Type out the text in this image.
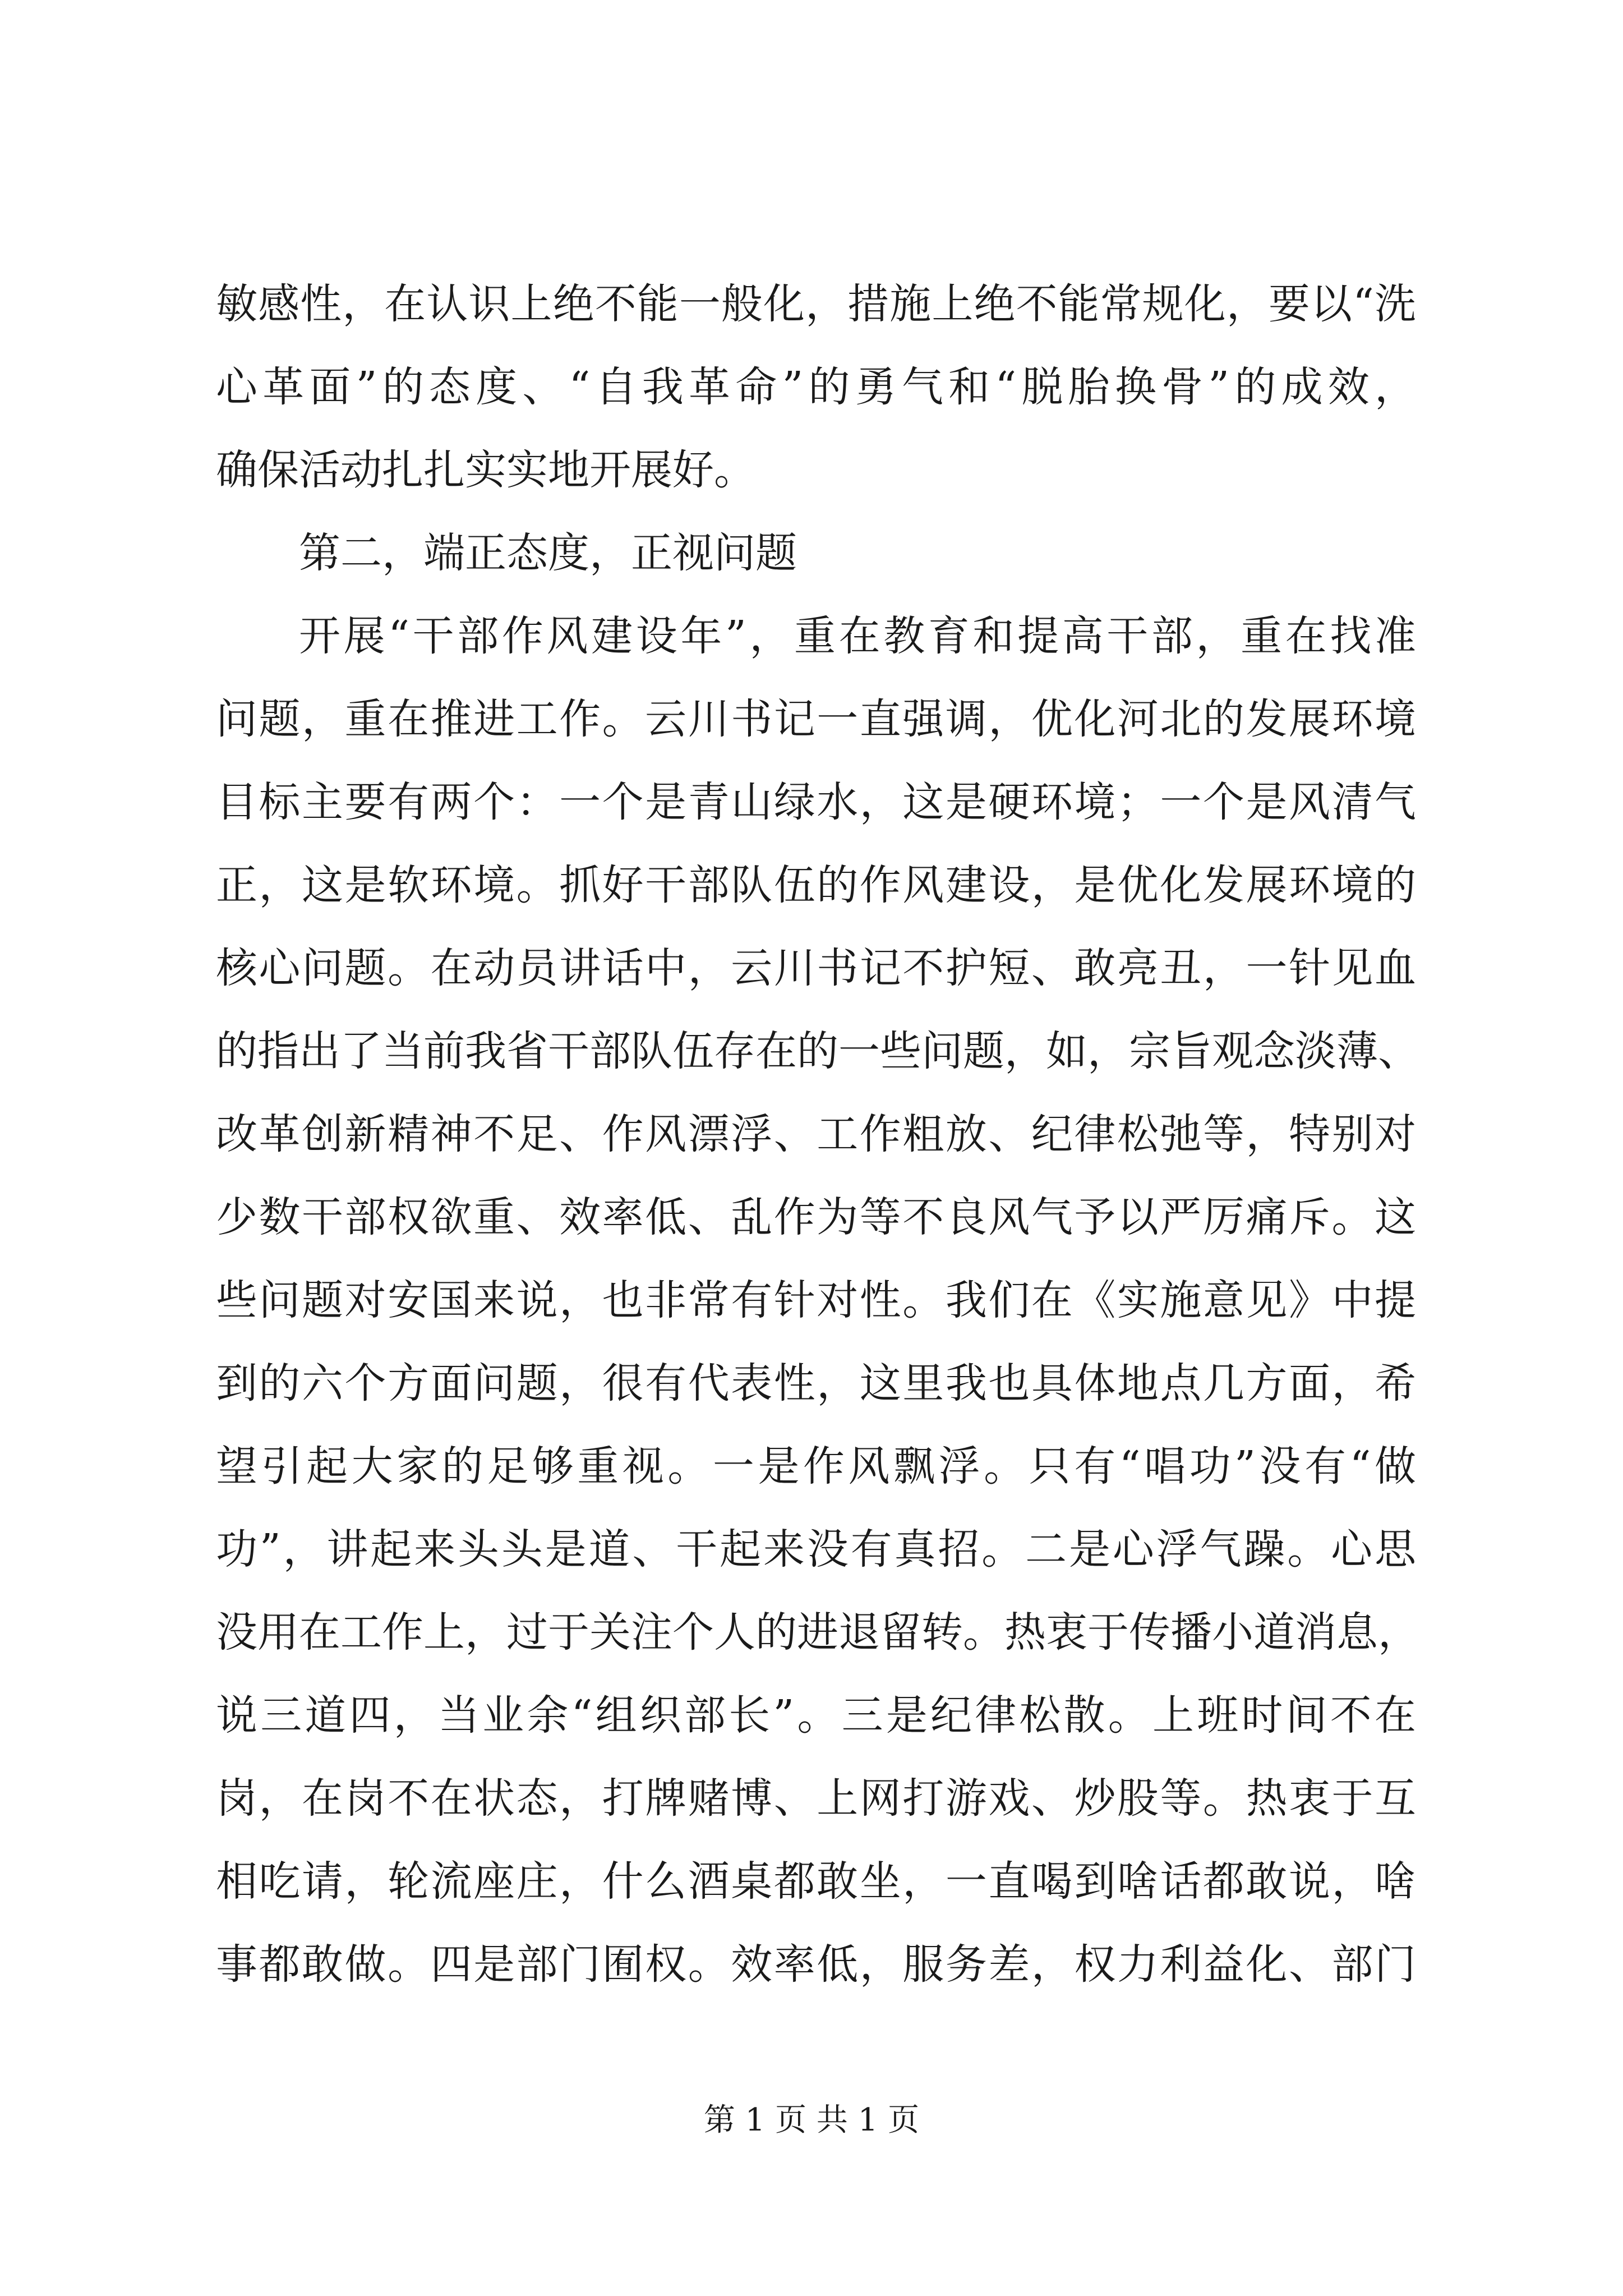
敏感性，在认识上绝不能一般化，措施上绝不能常规化，要以“洗
心革面”的态度、“自我革命”的勇气和“脱胎换骨”的成效，
确保活动扎扎实实地开展好。
第二，端正态度，正视问题
开展“干部作风建设年”，重在教育和提高干部，重在找准
问题，重在推进工作。云川书记一直强调，优化河北的发展环境
目标主要有两个：一个是青山绿水，这是硬环境；一个是风清气
正，这是软环境。抓好干部队伍的作风建设，是优化发展环境的
核心问题。在动员讲话中，云川书记不护短、敢亮丑，一针见血
的指出了当前我省干部队伍存在的一些问题，如，宗旨观念淡薄、
改革创新精神不足、作风漂浮、工作粗放、纪律松弛等，特别对
少数干部权欲重、效率低、乱作为等不良风气予以严厉痛斥。这
些问题对安国来说，也非常有针对性。我们在《实施意见》中提
到的六个方面问题，很有代表性，这里我也具体地点几方面，希
望引起大家的足够重视。一是作风飘浮。只有“唱功”没有“做
功”，讲起来头头是道、干起来没有真招。二是心浮气躁。心思
没用在工作上，过于关注个人的进退留转。热衷于传播小道消息，
说三道四，当业余“组织部长”。三是纪律松散。上班时间不在
岗，在岗不在状态，打牌赌博、上网打游戏、炒股等。热衷于互
相吃请，轮流座庄，什么酒桌都敢坐，一直喝到啥话都敢说，啥
事都敢做。四是部门囿权。效率低，服务差，权力利益化、部门
第 1 页 共 1 页
